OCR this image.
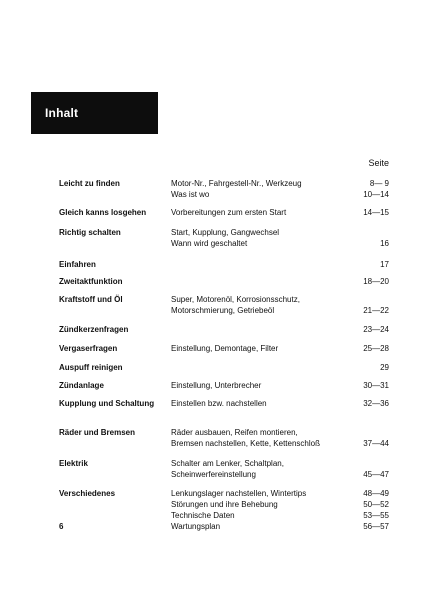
Inhalt
Seite
Leicht zu finden	Motor-Nr., Fahrgestell-Nr., Werkzeug	8— 9
Was ist wo	10—14
Gleich kanns losgehen	Vorbereitungen zum ersten Start	14—15
Richtig schalten	Start, Kupplung, Gangwechsel
Wann wird geschaltet	16
Einfahren	17
Zweitaktfunktion	18—20
Kraftstoff und Öl	Super, Motorenöl, Korrosionsschutz,
Motorschmierung, Getriebeöl	21—22
Zündkerzenfragen	23—24
Vergaserfragen	Einstellung, Demontage, Filter	25—28
Auspuff reinigen	29
Zündanlage	Einstellung, Unterbrecher	30—31
Kupplung und Schaltung	Einstellen bzw. nachstellen	32—36
Räder und Bremsen	Räder ausbauen, Reifen montieren,
Bremsen nachstellen, Kette, Kettenschloß	37—44
Elektrik	Schalter am Lenker, Schaltplan,
Scheinwerfereinstellung	45—47
Verschiedenes	Lenkungslager nachstellen, Wintertips	48—49
Störungen und ihre Behebung	50—52
Technische Daten	53—55
Wartungsplan	56—57
6
